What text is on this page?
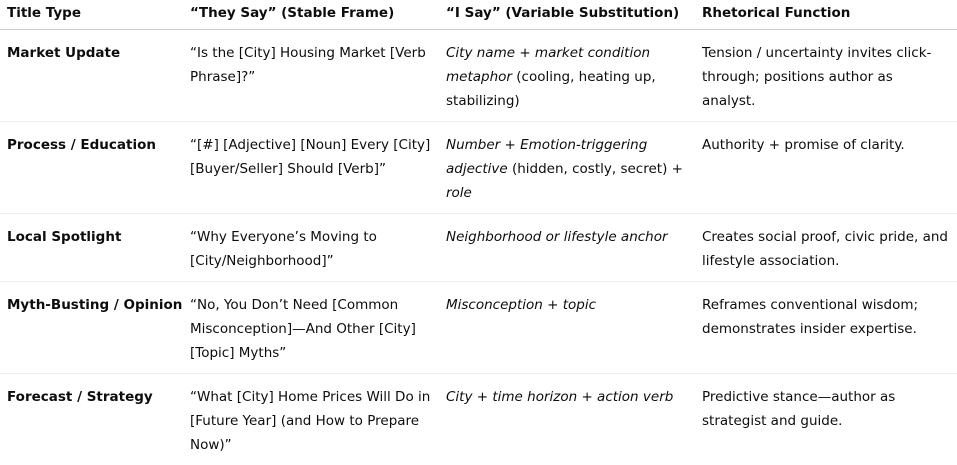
Title Type	“They Say” (Stable Frame)	“I Say” (Variable Substitution)	Rhetorical Function
Market Update	“Is the [City] Housing Market [Verb Phrase]?”	City name + market condition metaphor (cooling, heating up, stabilizing)	Tension / uncertainty invites click-through; positions author as analyst.
Process / Education	“[#] [Adjective] [Noun] Every [City] [Buyer/Seller] Should [Verb]”	Number + Emotion-triggering adjective (hidden, costly, secret) + role	Authority + promise of clarity.
Local Spotlight	“Why Everyone’s Moving to [City/Neighborhood]”	Neighborhood or lifestyle anchor	Creates social proof, civic pride, and lifestyle association.
Myth-Busting / Opinion	“No, You Don’t Need [Common Misconception]—And Other [City] [Topic] Myths”	Misconception + topic	Reframes conventional wisdom; demonstrates insider expertise.
Forecast / Strategy	“What [City] Home Prices Will Do in [Future Year] (and How to Prepare Now)”	City + time horizon + action verb	Predictive stance—author as strategist and guide.
